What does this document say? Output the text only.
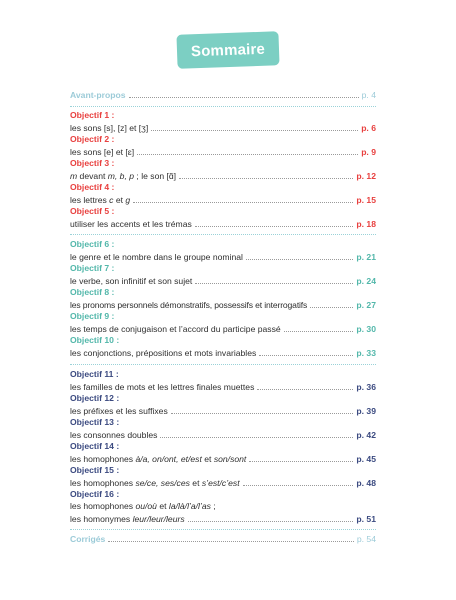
Sommaire
Avant-propos	p. 4
Objectif 1 :
les sons [s], [z] et [ʒ]	p. 6
Objectif 2 :
les sons [e] et [ɛ]	p. 9
Objectif 3 :
m devant m, b, p ; le son [ɑ̃]	p. 12
Objectif 4 :
les lettres c et g	p. 15
Objectif 5 :
utiliser les accents et les trémas	p. 18
Objectif 6 :
le genre et le nombre dans le groupe nominal	p. 21
Objectif 7 :
le verbe, son infinitif et son sujet	p. 24
Objectif 8 :
les pronoms personnels démonstratifs, possessifs et interrogatifs	p. 27
Objectif 9 :
les temps de conjugaison et l’accord du participe passé	p. 30
Objectif 10 :
les conjonctions, prépositions et mots invariables	p. 33
Objectif 11 :
les familles de mots et les lettres finales muettes	p. 36
Objectif 12 :
les préfixes et les suffixes	p. 39
Objectif 13 :
les consonnes doubles	p. 42
Objectif 14 :
les homophones à/a, on/ont, et/est et son/sont	p. 45
Objectif 15 :
les homophones se/ce, ses/ces et s’est/c’est	p. 48
Objectif 16 :
les homophones ou/où et la/là/l’a/l’as ;
les homonymes leur/leur/leurs	p. 51
Corrigés	p. 54
